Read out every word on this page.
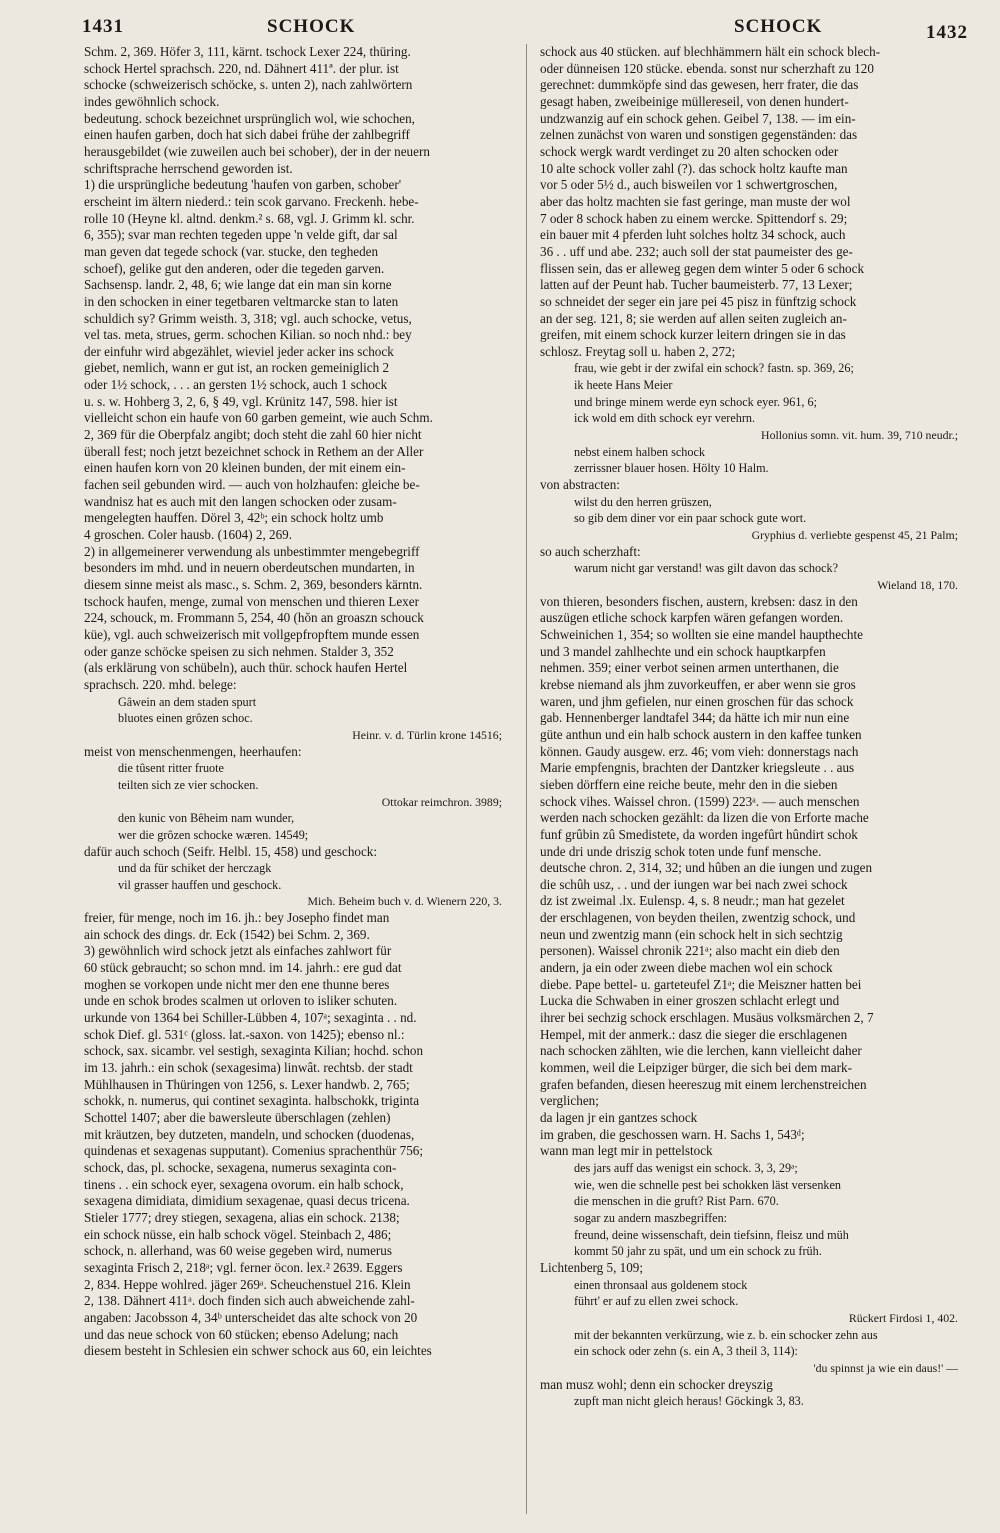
1431	SCHOCK	SCHOCK	1432
Schm. 2, 369. Höfer 3, 111, kärnt. tschock Lexer 224, thüring.
schock Hertel sprachsch. 220, nd. Dähnert 411ª. der plur. ist
schocke (schweizerisch schöcke, s. unten 2), nach zahlwörtern
indes gewöhnlich schock.
bedeutung. schock bezeichnet ursprünglich wol, wie schochen,
einen haufen garben, doch hat sich dabei frühe der zahlbegriff
herausgebildet (wie zuweilen auch bei schober), der in der neuern
schriftsprache herrschend geworden ist.
1) die ursprüngliche bedeutung 'haufen von garben, schober'
erscheint im ältern niederd.: tein scok garvano. Freckenh. hebe-
rolle 10 (Heyne kl. altnd. denkm.² s. 68, vgl. J. Grimm kl. schr.
6, 355); svar man rechten tegeden uppe 'n velde gift, dar sal
man geven dat tegede schock (var. stucke, den tegheden
schoef), gelike gut den anderen, oder die tegeden garven.
Sachsensp. landr. 2, 48, 6; wie lange dat ein man sin korne
in den schocken in einer tegetbaren veltmarcke stan to laten
schuldich sy? Grimm weisth. 3, 318; vgl. auch schocke, vetus,
vel tas. meta, strues, germ. schochen Kilian. so noch nhd.: bey
der einfuhr wird abgezählet, wieviel jeder acker ins schock
giebet, nemlich, wann er gut ist, an rocken gemeiniglich 2
oder 1½ schock, . . . an gersten 1½ schock, auch 1 schock
u. s. w. Hohberg 3, 2, 6, § 49, vgl. Krünitz 147, 598. hier ist
vielleicht schon ein haufe von 60 garben gemeint, wie auch Schm.
2, 369 für die Oberpfalz angibt; doch steht die zahl 60 hier nicht
überall fest; noch jetzt bezeichnet schock in Rethem an der Aller
einen haufen korn von 20 kleinen bunden, der mit einem ein-
fachen seil gebunden wird. — auch von holzhaufen: gleiche be-
wandnisz hat es auch mit den langen schocken oder zusam-
mengelegten hauffen. Dörel 3, 42ᵇ; ein schock holtz umb
4 groschen. Coler hausb. (1604) 2, 269.
2) in allgemeinerer verwendung als unbestimmter mengebegriff
besonders im mhd. und in neuern oberdeutschen mundarten, in
diesem sinne meist als masc., s. Schm. 2, 369, besonders kärntn.
tschock haufen, menge, zumal von menschen und thieren Lexer
224, schouck, m. Frommann 5, 254, 40 (hŏn an groaszn schouck
küe), vgl. auch schweizerisch mit vollgepfropftem munde essen
oder ganze schöcke speisen zu sich nehmen. Stalder 3, 352
(als erklärung von schübeln), auch thür. schock haufen Hertel
sprachsch. 220. mhd. belege:
Gâwein an dem staden spurt
bluotes einen grôzen schoc.
Heinr. v. d. Türlin krone 14516;
meist von menschenmengen, heerhaufen:
die tûsent ritter fruote
teilten sich ze vier schocken.
Ottokar reimchron. 3989;
den kunic von Bêheim nam wunder,
wer die grôzen schocke wæren. 14549;
dafür auch schoch (Seifr. Helbl. 15, 458) und geschock:
und da für schiket der herczagk
vil grasser hauffen und geschock.
Mich. Beheim buch v. d. Wienern 220, 3.
freier, für menge, noch im 16. jh.: bey Josepho findet man
ain schock des dings. dr. Eck (1542) bei Schm. 2, 369.
3) gewöhnlich wird schock jetzt als einfaches zahlwort für
60 stück gebraucht; so schon mnd. im 14. jahrh.: ere gud dat
moghen se vorkopen unde nicht mer den ene thunne beres
unde en schok brodes scalmen ut orloven to isliker schuten.
urkunde von 1364 bei Schiller-Lübben 4, 107ᵃ; sexaginta . . nd.
schok Dief. gl. 531ᶜ (gloss. lat.-saxon. von 1425); ebenso nl.:
schock, sax. sicambr. vel sestigh, sexaginta Kilian; hochd. schon
im 13. jahrh.: ein schok (sexagesima) linwât. rechtsb. der stadt
Mühlhausen in Thüringen von 1256, s. Lexer handwb. 2, 765;
schokk, n. numerus, qui continet sexaginta. halbschokk, triginta
Schottel 1407; aber die bawersleute überschlagen (zehlen)
mit kräutzen, bey dutzeten, mandeln, und schocken (duodenas,
quindenas et sexagenas supputant). Comenius sprachenthür 756;
schock, das, pl. schocke, sexagena, numerus sexaginta con-
tinens . . ein schock eyer, sexagena ovorum. ein halb schock,
sexagena dimidiata, dimidium sexagenae, quasi decus tricena.
Stieler 1777; drey stiegen, sexagena, alias ein schock. 2138;
ein schock nüsse, ein halb schock vögel. Steinbach 2, 486;
schock, n. allerhand, was 60 weise gegeben wird, numerus
sexaginta Frisch 2, 218ᵃ; vgl. ferner öcon. lex.² 2639. Eggers
2, 834. Heppe wohlred. jäger 269ᵃ. Scheuchenstuel 216. Klein
2, 138. Dähnert 411ᵃ. doch finden sich auch abweichende zahl-
angaben: Jacobsson 4, 34ᵇ unterscheidet das alte schock von 20
und das neue schock von 60 stücken; ebenso Adelung; nach
diesem besteht in Schlesien ein schwer schock aus 60, ein leichtes
schock aus 40 stücken. auf blechhämmern hält ein schock blech-
oder dünneisen 120 stücke. ebenda. sonst nur scherzhaft zu 120
gerechnet: dummköpfe sind das gewesen, herr frater, die das
gesagt haben, zweibeinige müllereseil, von denen hundert-
undzwanzig auf ein schock gehen. Geibel 7, 138. — im ein-
zelnen zunächst von waren und sonstigen gegenständen: das
schock wergk wardt verdinget zu 20 alten schocken oder
10 alte schock voller zahl (?). das schock holtz kaufte man
vor 5 oder 5½ d., auch bisweilen vor 1 schwertgroschen,
aber das holtz machten sie fast geringe, man muste der wol
7 oder 8 schock haben zu einem wercke. Spittendorf s. 29;
ein bauer mit 4 pferden luht solches holtz 34 schock, auch
36 . . uff und abe. 232; auch soll der stat paumeister des ge-
flissen sein, das er alleweg gegen dem winter 5 oder 6 schock
latten auf der Peunt hab. Tucher baumeisterb. 77, 13 Lexer;
so schneidet der seger ein jare pei 45 pisz in fünftzig schock
an der seg. 121, 8; sie werden auf allen seiten zugleich an-
greifen, mit einem schock kurzer leitern dringen sie in das
schlosz. Freytag soll u. haben 2, 272;
frau, wie gebt ir der zwifal ein schock? fastn. sp. 369, 26;
ik heete Hans Meier
und bringe minem werde eyn schock eyer. 961, 6;
ick wold em dith schock eyr verehrn.
Hollonius somn. vit. hum. 39, 710 neudr.;
nebst einem halben schock
zerrissner blauer hosen. Hölty 10 Halm.
von abstracten:
wilst du den herren grüszen,
so gib dem diner vor ein paar schock gute wort.
Gryphius d. verliebte gespenst 45, 21 Palm;
so auch scherzhaft:
warum nicht gar verstand! was gilt davon das schock?
Wieland 18, 170.
von thieren, besonders fischen, austern, krebsen: dasz in den
auszügen etliche schock karpfen wären gefangen worden.
Schweinichen 1, 354; so wollten sie eine mandel haupthechte
und 3 mandel zahlhechte und ein schock hauptkarpfen
nehmen. 359; einer verbot seinen armen unterthanen, die
krebse niemand als jhm zuvorkeuffen, er aber wenn sie gros
waren, und jhm gefielen, nur einen groschen für das schock
gab. Hennenberger landtafel 344; da hätte ich mir nun eine
güte anthun und ein halb schock austern in den kaffee tunken
können. Gaudy ausgew. erz. 46; vom vieh: donnerstags nach
Marie empfengnis, brachten der Dantzker kriegsleute . . aus
sieben dörffern eine reiche beute, mehr den in die sieben
schock vihes. Waissel chron. (1599) 223ᵃ. — auch menschen
werden nach schocken gezählt: da lizen die von Erforte mache
funf grûbin zû Smedistete, da worden ingefûrt hûndirt schok
unde dri unde driszig schok toten unde funf mensche.
deutsche chron. 2, 314, 32; und hûben an die iungen und zugen
die schûh usz, . . und der iungen war bei nach zwei schock
dz ist zweimal .lx. Eulensp. 4, s. 8 neudr.; man hat gezelet
der erschlagenen, von beyden theilen, zwentzig schock, und
neun und zwentzig mann (ein schock helt in sich sechtzig
personen). Waissel chronik 221ᵃ; also macht ein dieb den
andern, ja ein oder zween diebe machen wol ein schock
diebe. Pape bettel- u. garteteufel Z1ᵃ; die Meiszner hatten bei
Lucka die Schwaben in einer groszen schlacht erlegt und
ihrer bei sechzig schock erschlagen. Musäus volksmärchen 2, 7
Hempel, mit der anmerk.: dasz die sieger die erschlagenen
nach schocken zählten, wie die lerchen, kann vielleicht daher
kommen, weil die Leipziger bürger, die sich bei dem mark-
grafen befanden, diesen heereszug mit einem lerchenstreichen
verglichen;
da lagen jr ein gantzes schock
im graben, die geschossen warn. H. Sachs 1, 543ᵈ;
wann man legt mir in pettelstock
des jars auff das wenigst ein schock. 3, 3, 29ᵃ;
wie, wen die schnelle pest bei schokken läst versenken
die menschen in die gruft? Rist Parn. 670.
sogar zu andern maszbegriffen:
freund, deine wissenschaft, dein tiefsinn, fleisz und müh
kommt 50 jahr zu spät, und um ein schock zu früh.
Lichtenberg 5, 109;
einen thronsaal aus goldenem stock
führt' er auf zu ellen zwei schock.
Rückert Firdosi 1, 402.
mit der bekannten verkürzung, wie z. b. ein schocker zehn aus
ein schock oder zehn (s. ein A, 3 theil 3, 114):
'du spinnst ja wie ein daus!' —
man musz wohl; denn ein schocker dreyszig
zupft man nicht gleich heraus! Göckingk 3, 83.
